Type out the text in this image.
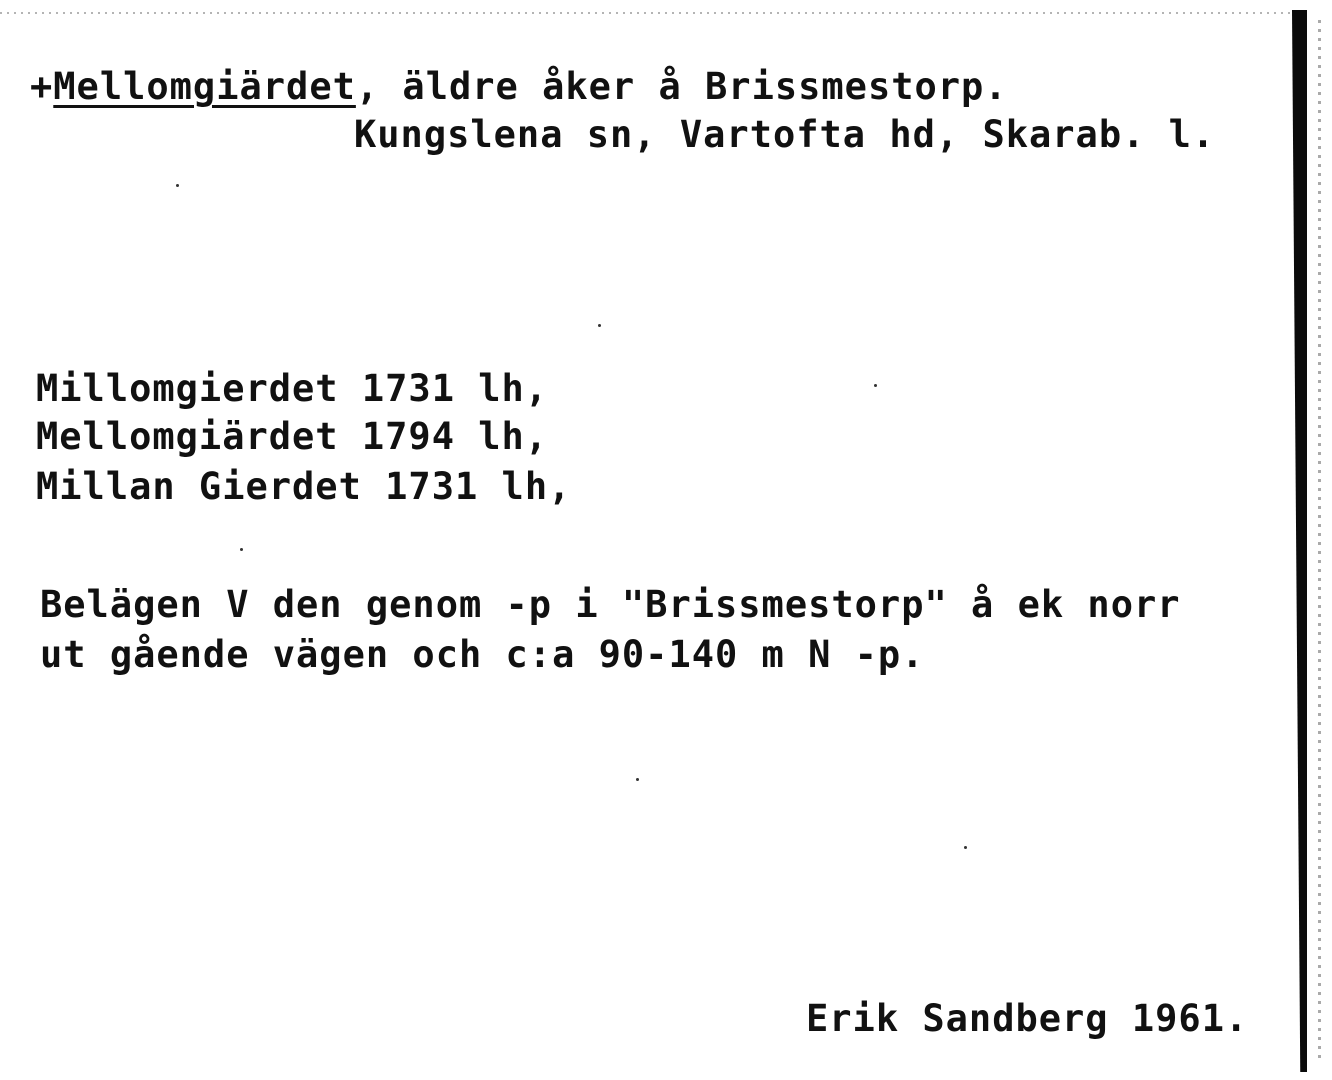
+Mellomgiärdet, äldre åker å Brissmestorp.
Kungslena sn, Vartofta hd, Skarab. l.
Millomgierdet 1731 lh,
Mellomgiärdet 1794 lh,
Millan Gierdet 1731 lh,
Belägen V den genom -p i "Brissmestorp" å ek norr
ut gående vägen och c:a 90-140 m N -p.
Erik Sandberg 1961.
